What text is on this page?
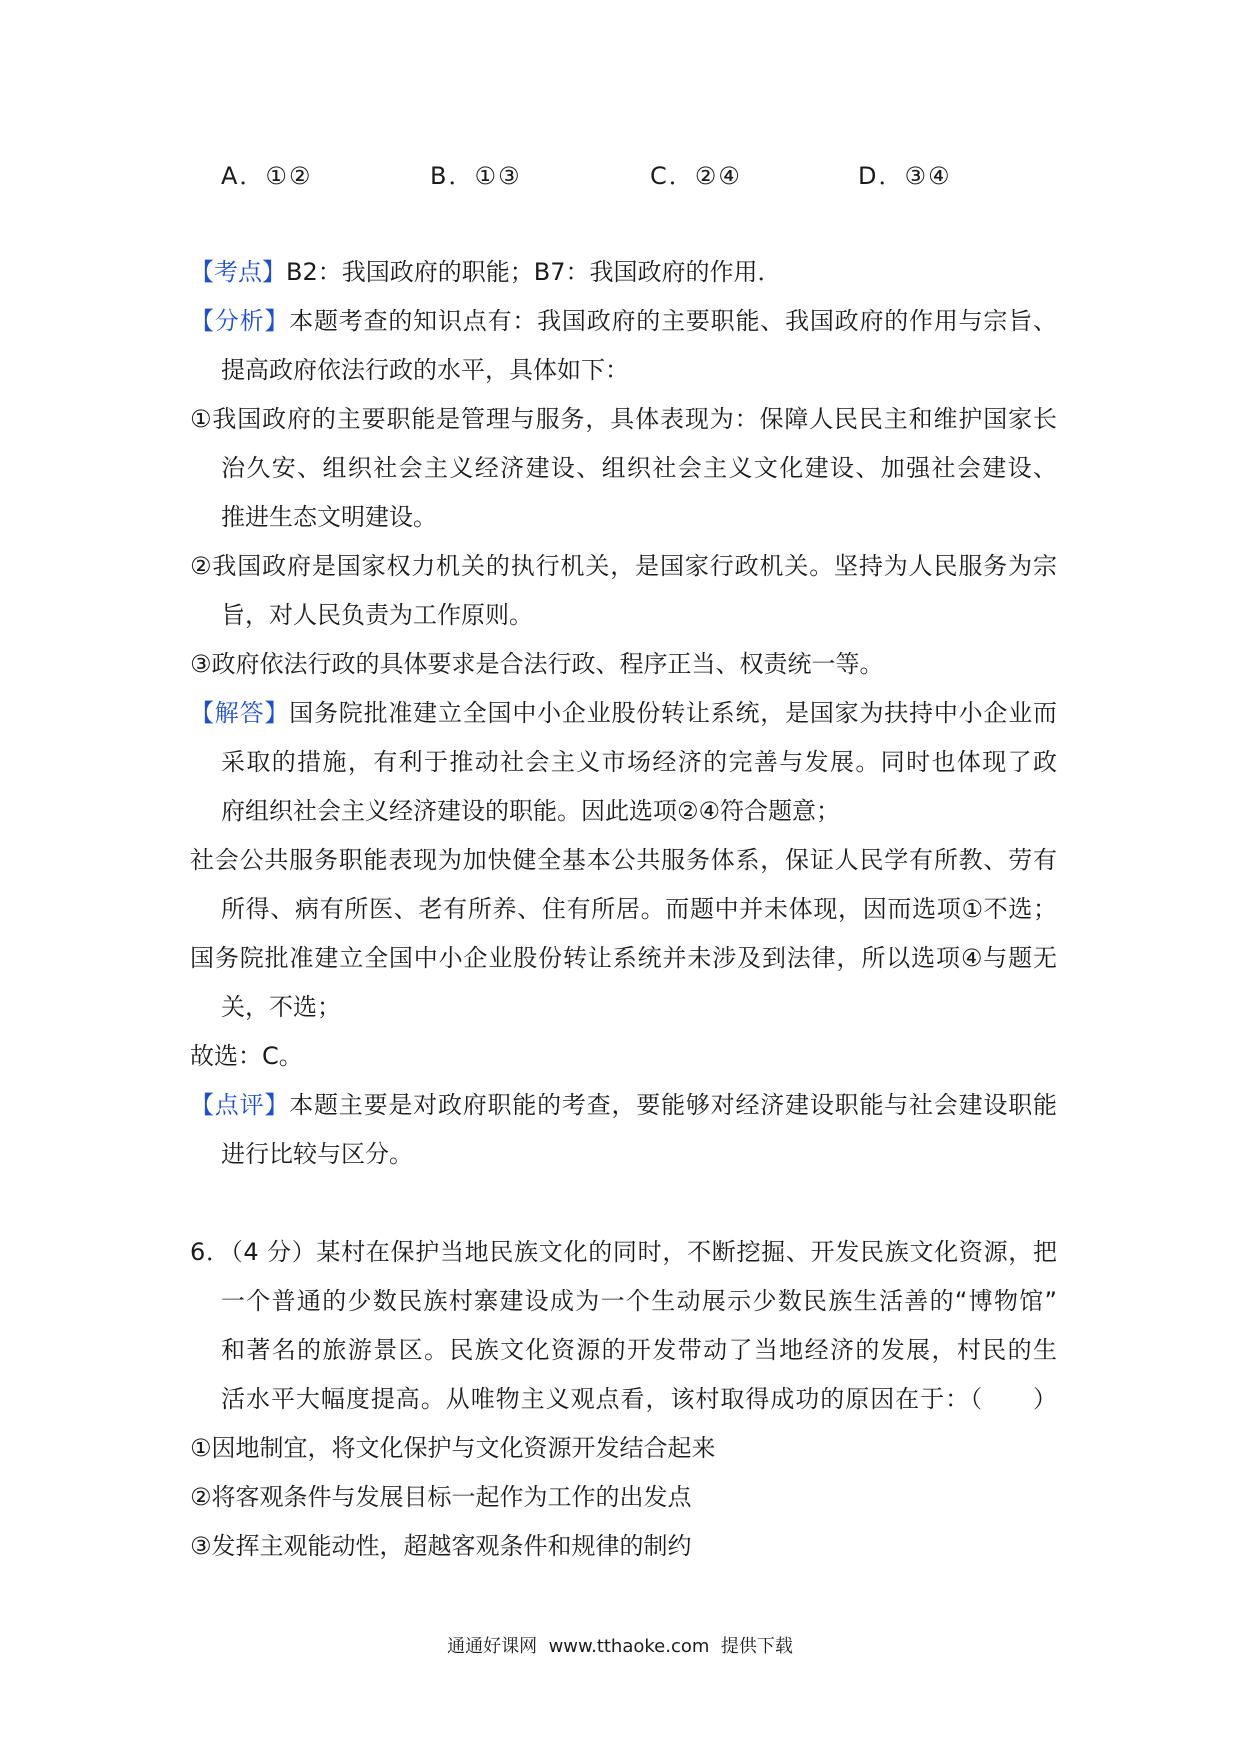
A．①②	B．①③	C．②④	D．③④
【考点】B2：我国政府的职能；B7：我国政府的作用．
【分析】本题考查的知识点有：我国政府的主要职能、我国政府的作用与宗旨、
提高政府依法行政的水平，具体如下：
①我国政府的主要职能是管理与服务，具体表现为：保障人民民主和维护国家长
治久安、组织社会主义经济建设、组织社会主义文化建设、加强社会建设、
推进生态文明建设。
②我国政府是国家权力机关的执行机关，是国家行政机关。坚持为人民服务为宗
旨，对人民负责为工作原则。
③政府依法行政的具体要求是合法行政、程序正当、权责统一等。
【解答】国务院批准建立全国中小企业股份转让系统，是国家为扶持中小企业而
采取的措施，有利于推动社会主义市场经济的完善与发展。同时也体现了政
府组织社会主义经济建设的职能。因此选项②④符合题意；
社会公共服务职能表现为加快健全基本公共服务体系，保证人民学有所教、劳有
所得、病有所医、老有所养、住有所居。而题中并未体现，因而选项①不选；
国务院批准建立全国中小企业股份转让系统并未涉及到法律，所以选项④与题无
关，不选；
故选：C。
【点评】本题主要是对政府职能的考查，要能够对经济建设职能与社会建设职能
进行比较与区分。
6．（4 分）某村在保护当地民族文化的同时，不断挖掘、开发民族文化资源，把
一个普通的少数民族村寨建设成为一个生动展示少数民族生活善的“博物馆”
和著名的旅游景区。民族文化资源的开发带动了当地经济的发展，村民的生
活水平大幅度提高。从唯物主义观点看，该村取得成功的原因在于：（　　）
①因地制宜，将文化保护与文化资源开发结合起来
②将客观条件与发展目标一起作为工作的出发点
③发挥主观能动性，超越客观条件和规律的制约
通通好课网  www.tthaoke.com  提供下载
